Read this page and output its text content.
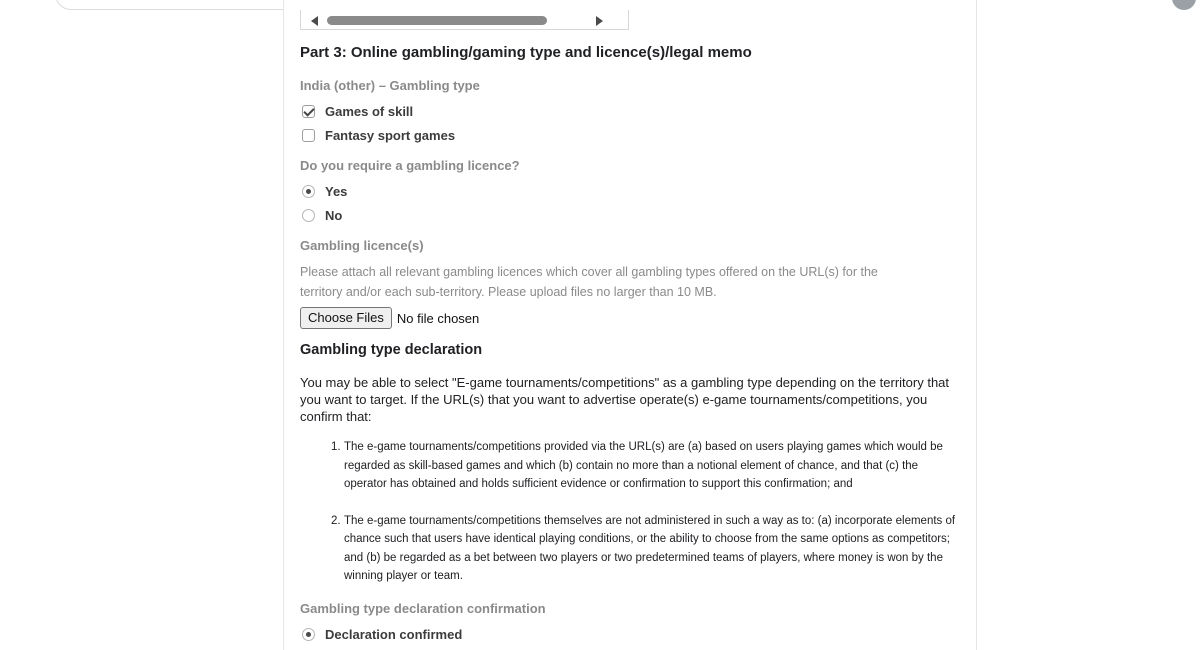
Part 3: Online gambling/gaming type and licence(s)/legal memo
India (other) – Gambling type
Games of skill
Fantasy sport games
Do you require a gambling licence?
Yes
No
Gambling licence(s)
Please attach all relevant gambling licences which cover all gambling types offered on the URL(s) for the
territory and/or each sub-territory. Please upload files no larger than 10 MB.
Choose Files	No file chosen
Gambling type declaration
You may be able to select "E-game tournaments/competitions" as a gambling type depending on the territory that you want to target. If the URL(s) that you want to advertise operate(s) e-game tournaments/competitions, you confirm that:
1. The e-game tournaments/competitions provided via the URL(s) are (a) based on users playing games which would be regarded as skill-based games and which (b) contain no more than a notional element of chance, and that (c) the operator has obtained and holds sufficient evidence or confirmation to support this confirmation; and
2. The e-game tournaments/competitions themselves are not administered in such a way as to: (a) incorporate elements of chance such that users have identical playing conditions, or the ability to choose from the same options as competitors; and (b) be regarded as a bet between two players or two predetermined teams of players, where money is won by the winning player or team.
Gambling type declaration confirmation
Declaration confirmed
